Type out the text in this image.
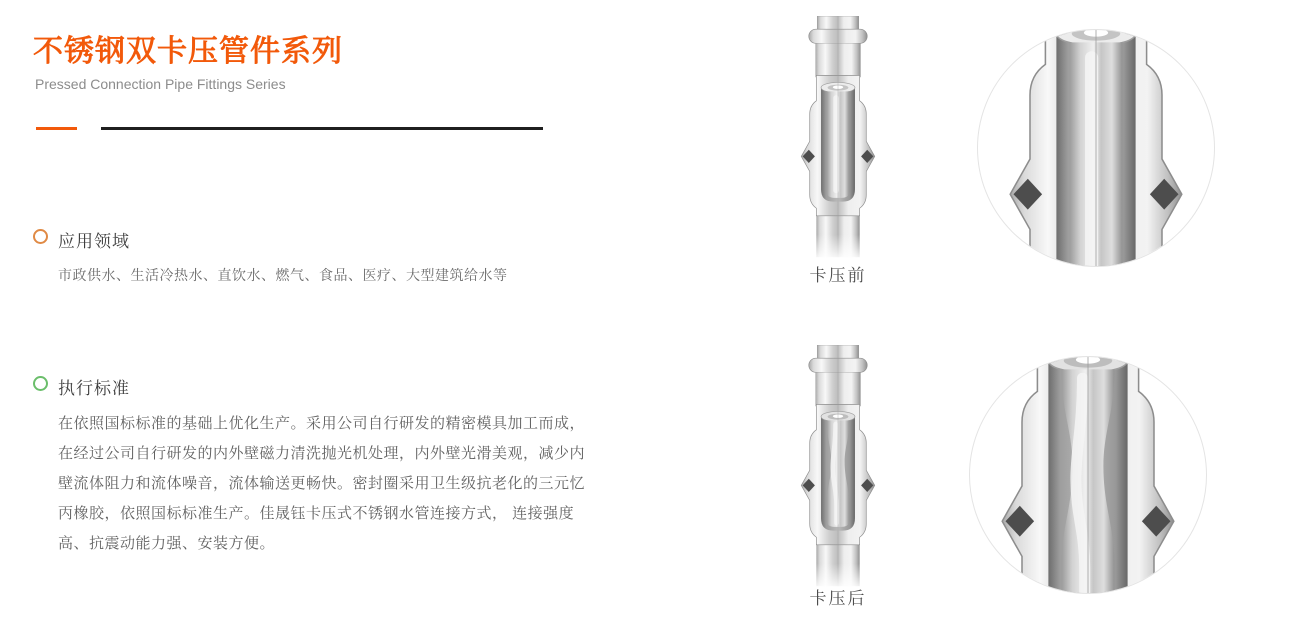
不锈钢双卡压管件系列
Pressed Connection Pipe Fittings Series
应用领域
市政供水、生活冷热水、直饮水、燃气、食品、医疗、大型建筑给水等
执行标准
在依照国标标准的基础上优化生产。采用公司自行研发的精密模具加工而成，
在经过公司自行研发的内外壁磁力清洗抛光机处理，内外壁光滑美观，减少内
壁流体阻力和流体噪音，流体输送更畅快。密封圈采用卫生级抗老化的三元忆
丙橡胶，依照国标标准生产。佳晟钰卡压式不锈钢水管连接方式， 连接强度
高、抗震动能力强、安装方便。
卡压前
卡压后
